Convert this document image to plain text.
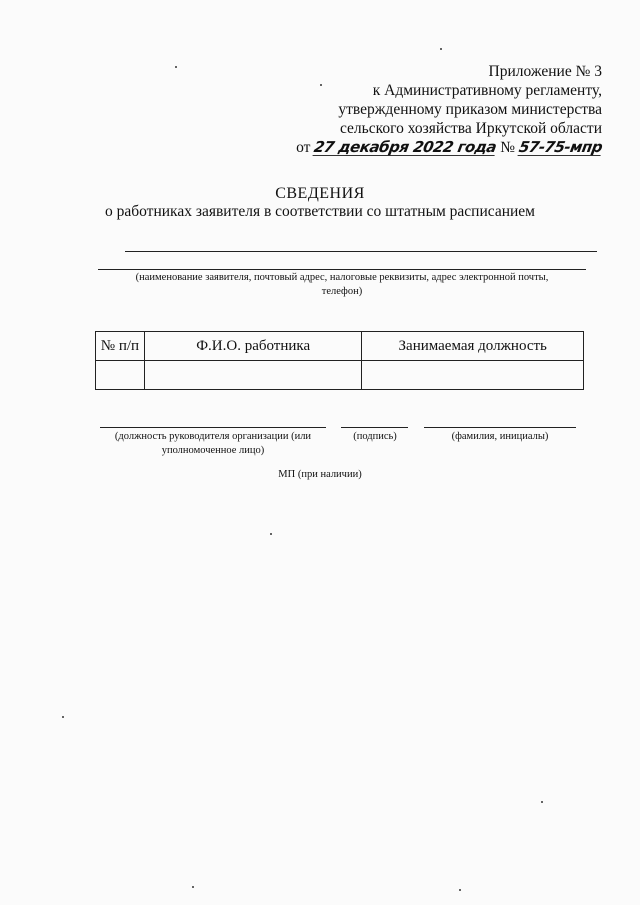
Приложение № 3
к Административному регламенту,
утвержденному приказом министерства
сельского хозяйства Иркутской области
от 27 декабря 2022 года № 57-75-мпр
СВЕДЕНИЯ
о работниках заявителя в соответствии со штатным расписанием
(наименование заявителя, почтовый адрес, налоговые реквизиты, адрес электронной почты,
телефон)
№ п/п	Ф.И.О. работника	Занимаемая должность

(должность руководителя организации (или
уполномоченное лицо)
(подпись)	(фамилия, инициалы)
МП (при наличии)
